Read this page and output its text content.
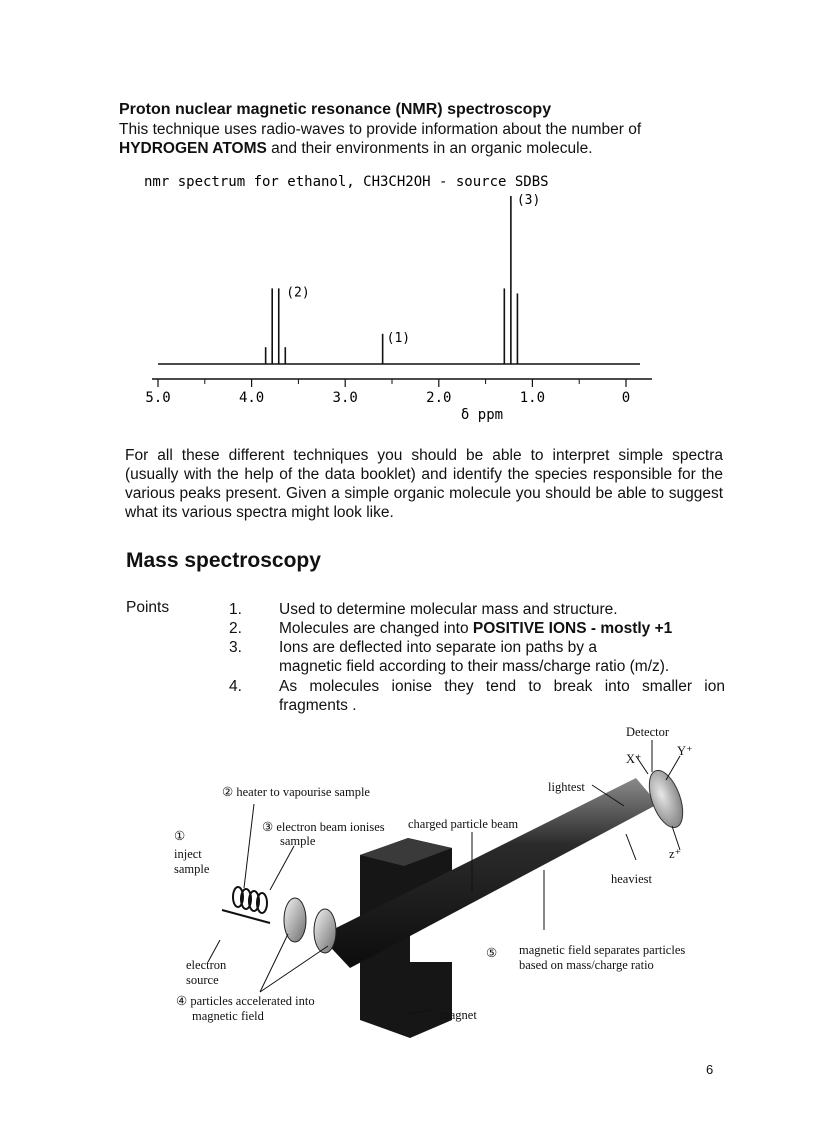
Proton nuclear magnetic resonance (NMR) spectroscopy
This technique uses radio-waves to provide information about the number of
HYDROGEN ATOMS and their environments in an organic molecule.
nmr spectrum for ethanol, CH3CH2OH - source SDBS
(2)
(1)
(3)
5.0	4.0	3.0	2.0	1.0	0
δ ppm
For all these different techniques you should be able to interpret simple spectra (usually with the help of the data booklet) and identify the species responsible for the various peaks present. Given a simple organic molecule you should be able to suggest what its various spectra might look like.
Mass spectroscopy
Points	1. Used to determine molecular mass and structure.
2. Molecules are changed into POSITIVE IONS - mostly +1
3. Ions are deflected into separate ion paths by a
magnetic field according to their mass/charge ratio (m/z).
4. As molecules ionise they tend to break into smaller ion
fragments .
Detector
X⁺
Y⁺
lightest
② heater to vapourise sample
③ electron beam ionises
sample
charged particle beam
①
inject
sample
z⁺
heaviest
⑤ magnetic field separates particles
based on mass/charge ratio
electron
source
④ particles accelerated into
magnetic field	magnet
6
